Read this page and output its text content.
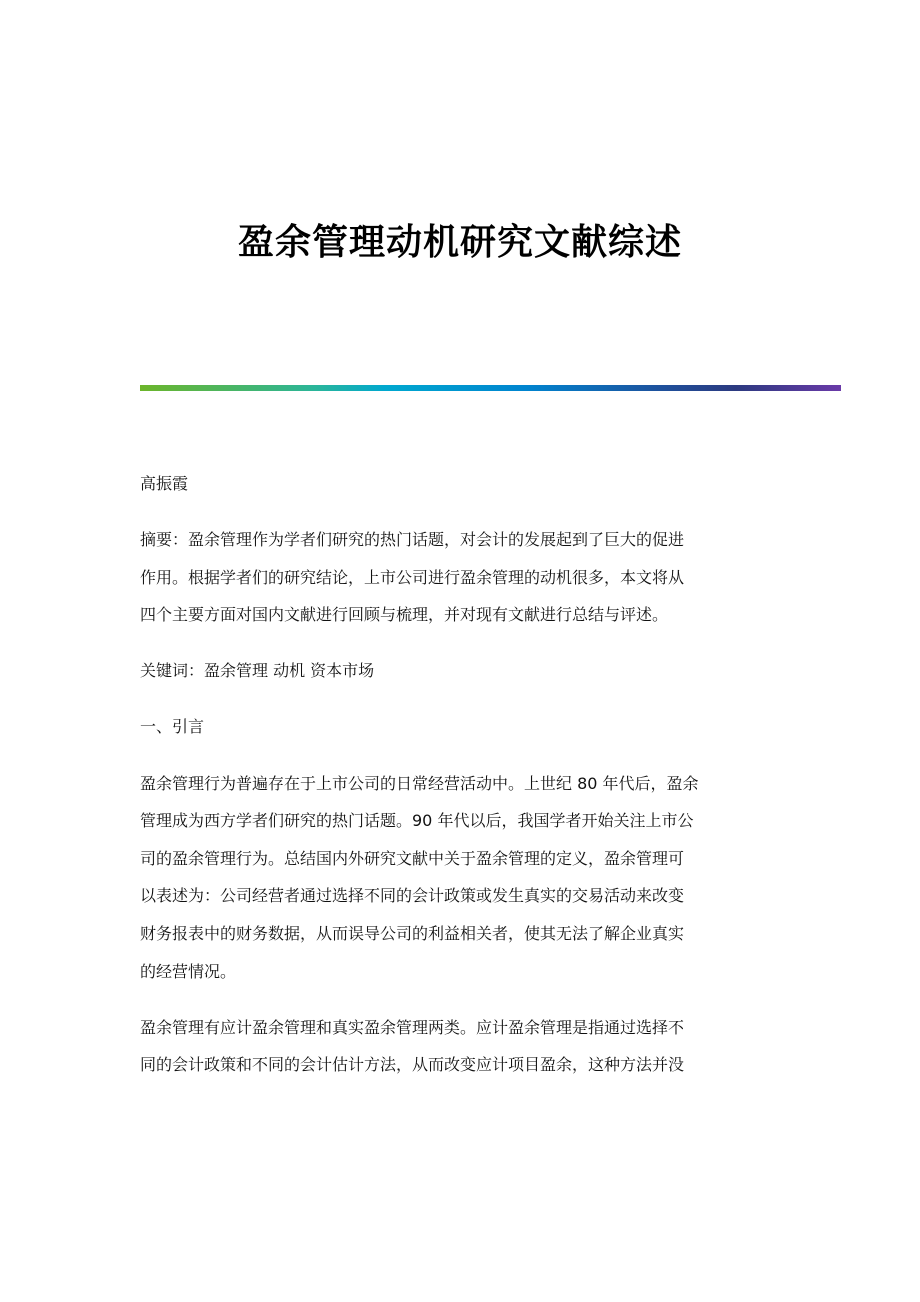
盈余管理动机研究文献综述

高振霞

摘要：盈余管理作为学者们研究的热门话题，对会计的发展起到了巨大的促进
作用。根据学者们的研究结论，上市公司进行盈余管理的动机很多，本文将从
四个主要方面对国内文献进行回顾与梳理，并对现有文献进行总结与评述。

关键词：盈余管理 动机 资本市场

一、引言

盈余管理行为普遍存在于上市公司的日常经营活动中。上世纪 80 年代后，盈余
管理成为西方学者们研究的热门话题。90 年代以后，我国学者开始关注上市公
司的盈余管理行为。总结国内外研究文献中关于盈余管理的定义，盈余管理可
以表述为：公司经营者通过选择不同的会计政策或发生真实的交易活动来改变
财务报表中的财务数据，从而误导公司的利益相关者，使其无法了解企业真实
的经营情况。

盈余管理有应计盈余管理和真实盈余管理两类。应计盈余管理是指通过选择不
同的会计政策和不同的会计估计方法，从而改变应计项目盈余，这种方法并没
